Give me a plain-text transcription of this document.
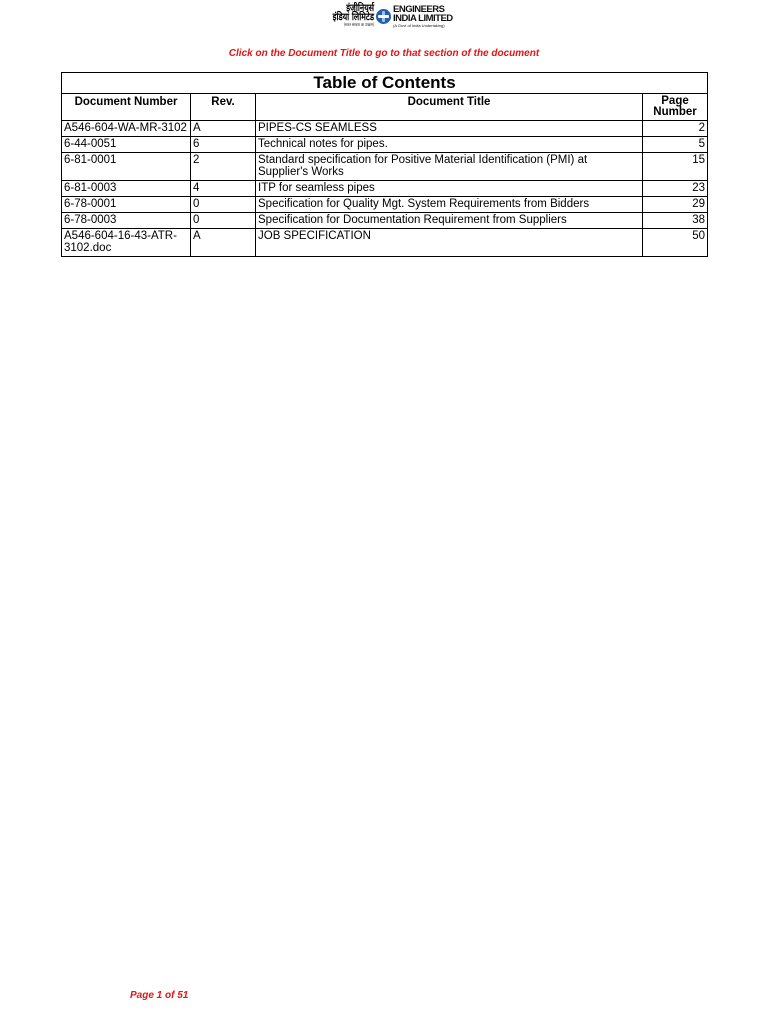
इंजीनियर्स
इंडिया लिमिटेड
(भारत सरकार का उपक्रम)
ENGINEERS
INDIA LIMITED
(A Govt of India Undertaking)
Click on the Document Title to go to that section of the document
Table of Contents			
Document Number	Rev.	Document Title	Page
Number
A546-604-WA-MR-3102	A	PIPES-CS SEAMLESS	2
6-44-0051	6	Technical notes for pipes.	5
6-81-0001	2	Standard specification for Positive Material Identification (PMI) at Supplier's Works	15
6-81-0003	4	ITP for seamless pipes	23
6-78-0001	0	Specification for Quality Mgt. System Requirements from Bidders	29
6-78-0003	0	Specification for Documentation Requirement from Suppliers	38
A546-604-16-43-ATR-3102.doc	A	JOB SPECIFICATION	50
Page 1 of 51
